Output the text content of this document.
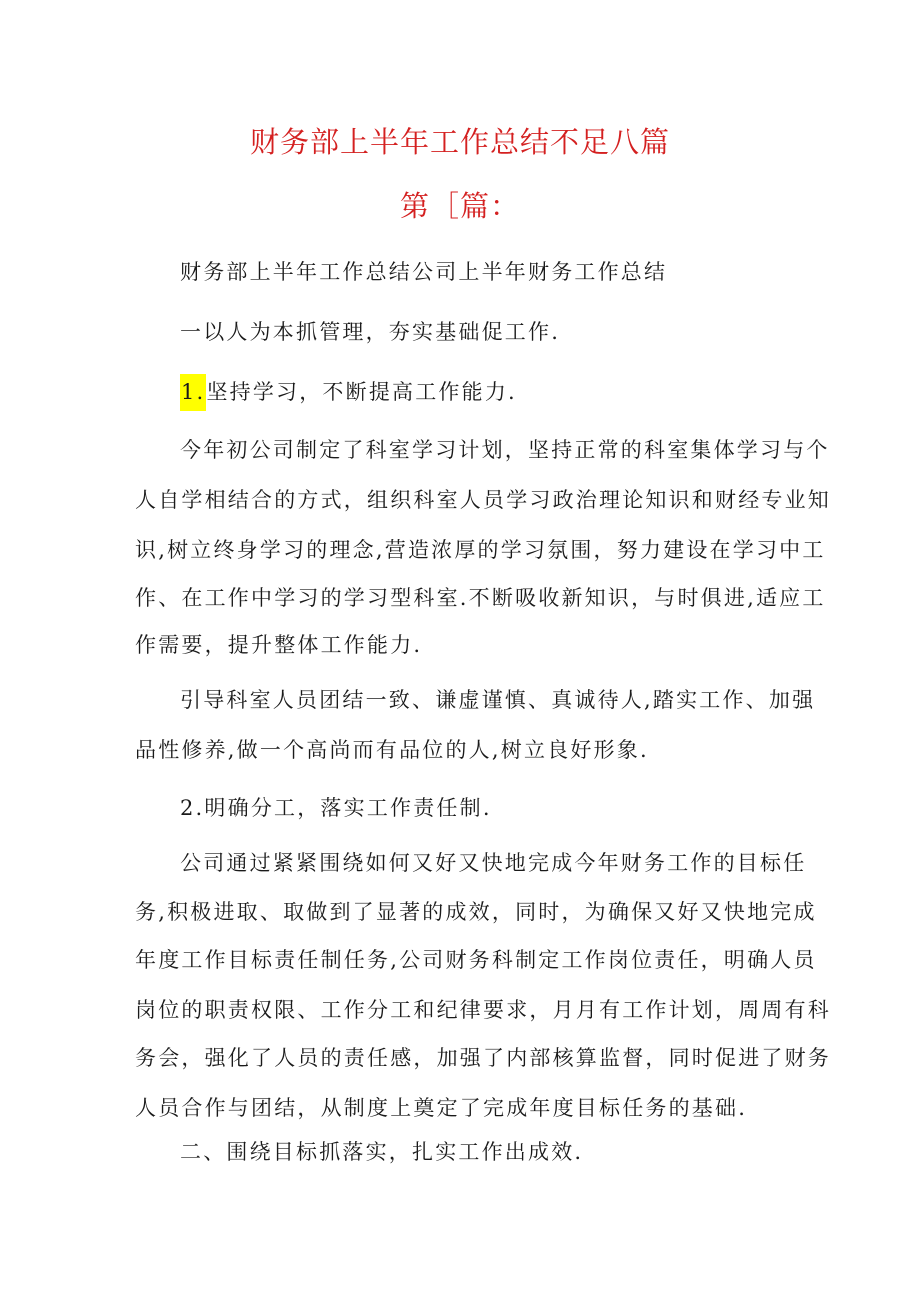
财务部上半年工作总结不足八篇
第［篇：
财务部上半年工作总结公司上半年财务工作总结
一以人为本抓管理，夯实基础促工作.
1.坚持学习，不断提高工作能力.
今年初公司制定了科室学习计划，坚持正常的科室集体学习与个
人自学相结合的方式，组织科室人员学习政治理论知识和财经专业知
识,树立终身学习的理念,营造浓厚的学习氛围，努力建设在学习中工
作、在工作中学习的学习型科室.不断吸收新知识，与时俱进,适应工
作需要，提升整体工作能力.
引导科室人员团结一致、谦虚谨慎、真诚待人,踏实工作、加强
品性修养,做一个高尚而有品位的人,树立良好形象.
2.明确分工，落实工作责任制.
公司通过紧紧围绕如何又好又快地完成今年财务工作的目标任
务,积极进取、取做到了显著的成效，同时，为确保又好又快地完成
年度工作目标责任制任务,公司财务科制定工作岗位责任，明确人员
岗位的职责权限、工作分工和纪律要求，月月有工作计划，周周有科
务会，强化了人员的责任感，加强了内部核算监督，同时促进了财务
人员合作与团结，从制度上奠定了完成年度目标任务的基础.
二、围绕目标抓落实，扎实工作出成效.
